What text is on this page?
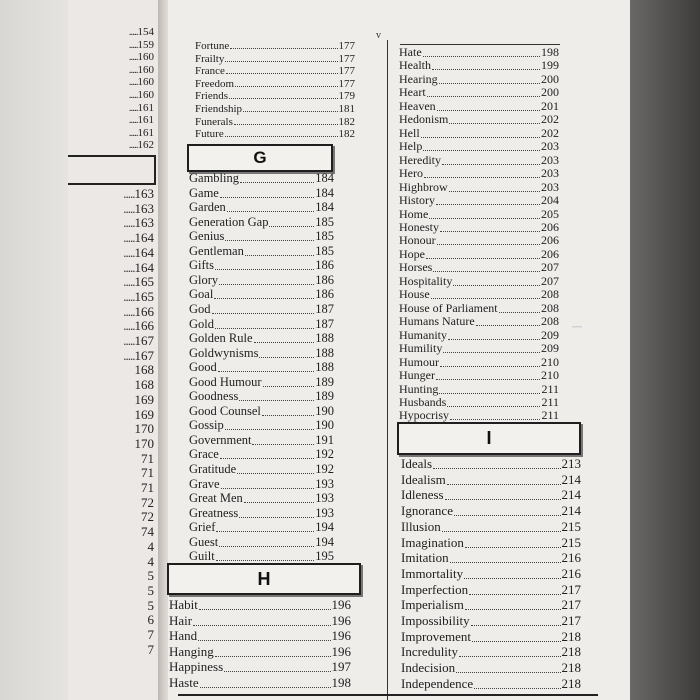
.....154
.....159
.....160
.....160
.....160
.....160
.....161
.....161
.....161
.....162
.....163
.....163
.....163
.....164
.....164
.....164
.....165
.....165
.....166
.....166
.....167
.....167
168
168
169
169
170
170
71
71
71
72
72
74
4
4
5
5
5
6
7
7
v
G
H
I
~~
Fortune	177
Frailty	177
France	177
Freedom	177
Friends	179
Friendship	181
Funerals	182
Future	182
Gambling	184
Game	184
Garden	184
Generation Gap	185
Genius	185
Gentleman	185
Gifts	186
Glory	186
Goal	186
God	187
Gold	187
Golden Rule	188
Goldwynisms	188
Good	188
Good Humour	189
Goodness	189
Good Counsel	190
Gossip	190
Government	191
Grace	192
Gratitude	192
Grave	193
Great Men	193
Greatness	193
Grief	194
Guest	194
Guilt	195
Habit	196
Hair	196
Hand	196
Hanging	196
Happiness	197
Haste	198
Hate	198
Health	199
Hearing	200
Heart	200
Heaven	201
Hedonism	202
Hell	202
Help	203
Heredity	203
Hero	203
Highbrow	203
History	204
Home	205
Honesty	206
Honour	206
Hope	206
Horses	207
Hospitality	207
House	208
House of Parliament	208
Humans Nature	208
Humanity	209
Humility	209
Humour	210
Hunger	210
Hunting	211
Husbands	211
Hypocrisy	211
Ideals	213
Idealism	214
Idleness	214
Ignorance	214
Illusion	215
Imagination	215
Imitation	216
Immortality	216
Imperfection	217
Imperialism	217
Impossibility	217
Improvement	218
Incredulity	218
Indecision	218
Independence	218
